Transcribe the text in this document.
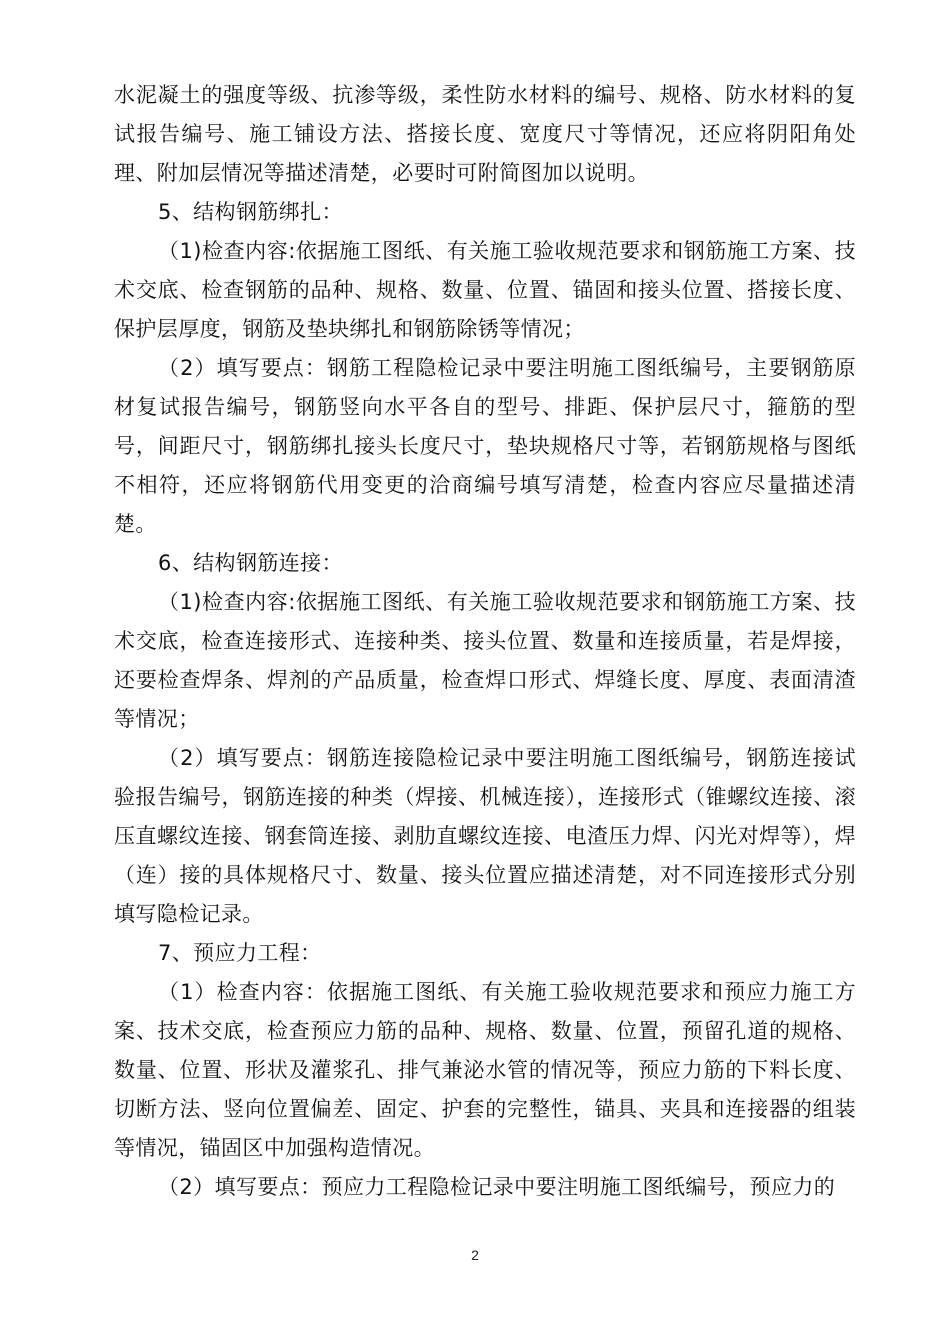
水泥凝土的强度等级、抗渗等级，柔性防水材料的编号、规格、防水材料的复试报告编号、施工铺设方法、搭接长度、宽度尺寸等情况，还应将阴阳角处理、附加层情况等描述清楚，必要时可附简图加以说明。

5、结构钢筋绑扎：

（1)检查内容:依据施工图纸、有关施工验收规范要求和钢筋施工方案、技术交底、检查钢筋的品种、规格、数量、位置、锚固和接头位置、搭接长度、保护层厚度，钢筋及垫块绑扎和钢筋除锈等情况；

（2）填写要点：钢筋工程隐检记录中要注明施工图纸编号，主要钢筋原材复试报告编号，钢筋竖向水平各自的型号、排距、保护层尺寸，箍筋的型号，间距尺寸，钢筋绑扎接头长度尺寸，垫块规格尺寸等，若钢筋规格与图纸不相符，还应将钢筋代用变更的洽商编号填写清楚，检查内容应尽量描述清楚。

6、结构钢筋连接：

（1)检查内容:依据施工图纸、有关施工验收规范要求和钢筋施工方案、技术交底，检查连接形式、连接种类、接头位置、数量和连接质量，若是焊接，还要检查焊条、焊剂的产品质量，检查焊口形式、焊缝长度、厚度、表面清渣等情况；

（2）填写要点：钢筋连接隐检记录中要注明施工图纸编号，钢筋连接试验报告编号，钢筋连接的种类（焊接、机械连接），连接形式（锥螺纹连接、滚压直螺纹连接、钢套筒连接、剥肋直螺纹连接、电渣压力焊、闪光对焊等），焊（连）接的具体规格尺寸、数量、接头位置应描述清楚，对不同连接形式分别填写隐检记录。

7、预应力工程：

（1）检查内容：依据施工图纸、有关施工验收规范要求和预应力施工方案、技术交底，检查预应力筋的品种、规格、数量、位置，预留孔道的规格、数量、位置、形状及灌浆孔、排气兼泌水管的情况等，预应力筋的下料长度、切断方法、竖向位置偏差、固定、护套的完整性，锚具、夹具和连接器的组装等情况，锚固区中加强构造情况。

（2）填写要点：预应力工程隐检记录中要注明施工图纸编号，预应力的

2
